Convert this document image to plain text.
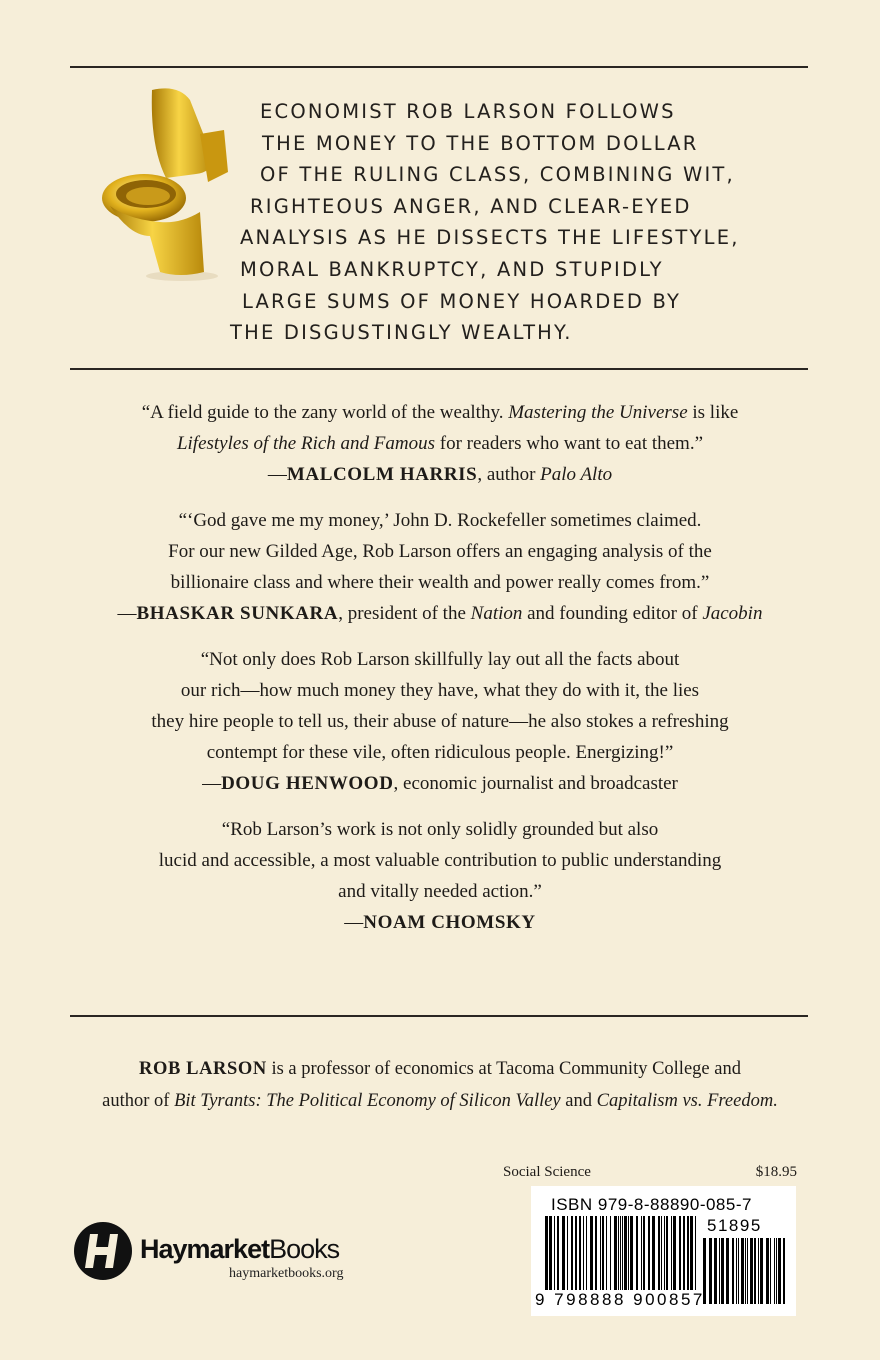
ECONOMIST ROB LARSON FOLLOWS
THE MONEY TO THE BOTTOM DOLLAR
OF THE RULING CLASS, COMBINING WIT,
RIGHTEOUS ANGER, AND CLEAR-EYED
ANALYSIS AS HE DISSECTS THE LIFESTYLE,
MORAL BANKRUPTCY, AND STUPIDLY
LARGE SUMS OF MONEY HOARDED BY
THE DISGUSTINGLY WEALTHY.
“A field guide to the zany world of the wealthy. Mastering the Universe is like
Lifestyles of the Rich and Famous for readers who want to eat them.”
—MALCOLM HARRIS, author Palo Alto
“‘God gave me my money,’ John D. Rockefeller sometimes claimed.
For our new Gilded Age, Rob Larson offers an engaging analysis of the
billionaire class and where their wealth and power really comes from.”
—BHASKAR SUNKARA, president of the Nation and founding editor of Jacobin
“Not only does Rob Larson skillfully lay out all the facts about
our rich—how much money they have, what they do with it, the lies
they hire people to tell us, their abuse of nature—he also stokes a refreshing
contempt for these vile, often ridiculous people. Energizing!”
—DOUG HENWOOD, economic journalist and broadcaster
“Rob Larson’s work is not only solidly grounded but also
lucid and accessible, a most valuable contribution to public understanding
and vitally needed action.”
—NOAM CHOMSKY
ROB LARSON is a professor of economics at Tacoma Community College and
author of Bit Tyrants: The Political Economy of Silicon Valley and Capitalism vs. Freedom.
Social Science	$18.95
ISBN 979-8-88890-085-7
51895
9 798888 900857
HaymarketBooks
haymarketbooks.org
